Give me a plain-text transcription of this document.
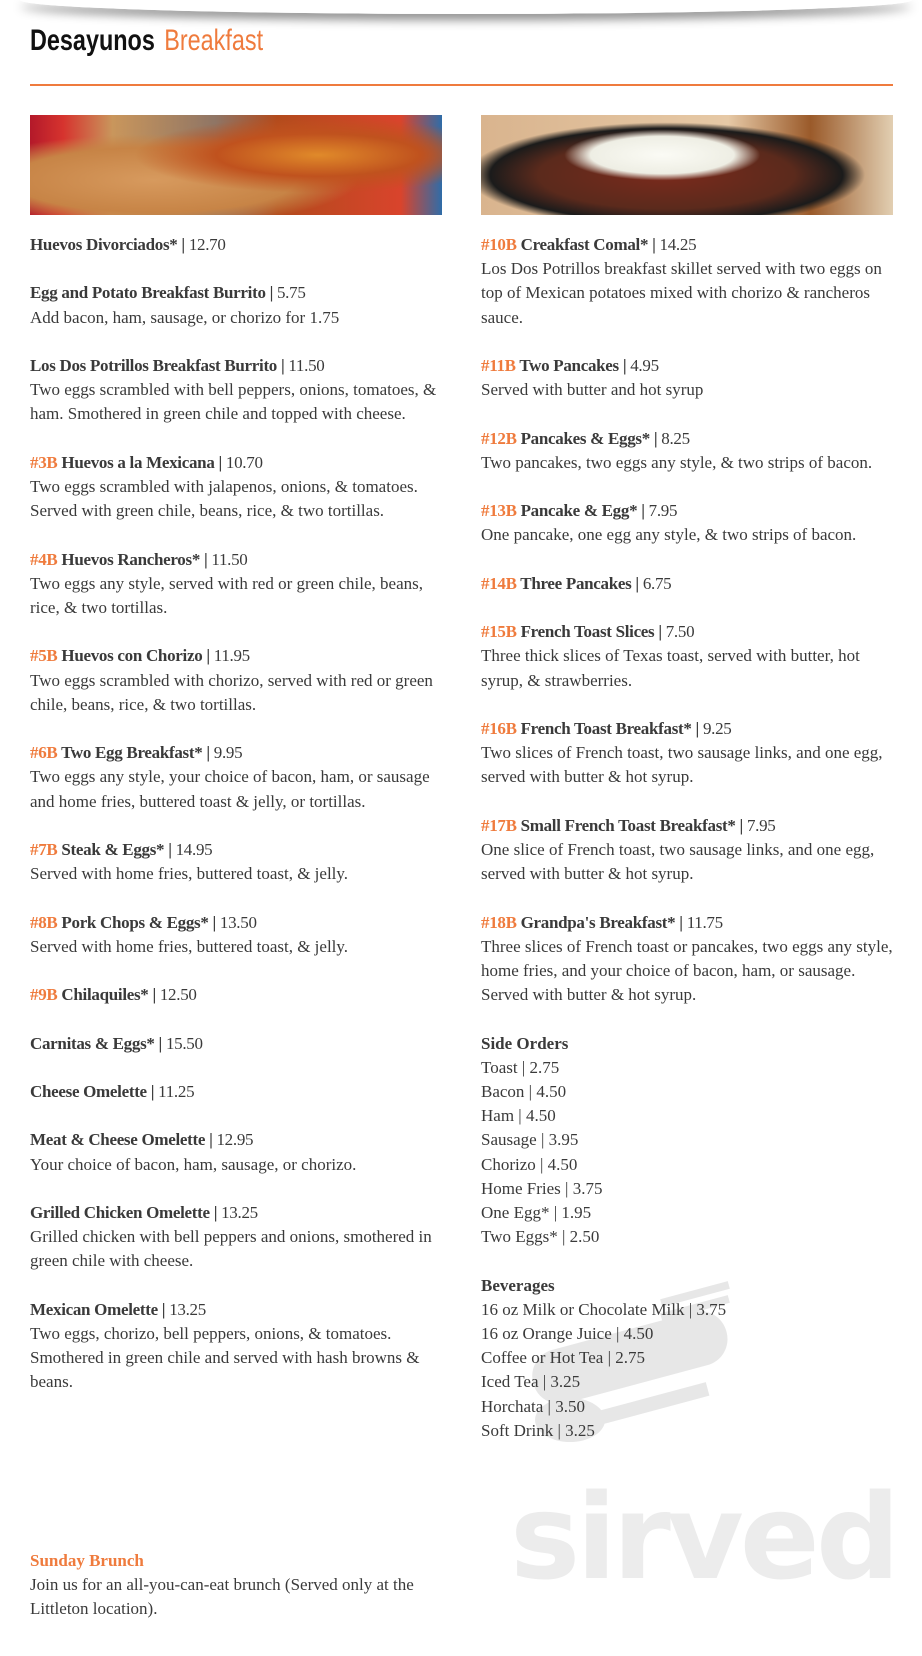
Desayunos Breakfast
sirved
Huevos Divorciados* | 12.70
Egg and Potato Breakfast Burrito | 5.75
Add bacon, ham, sausage, or chorizo for 1.75
Los Dos Potrillos Breakfast Burrito | 11.50
Two eggs scrambled with bell peppers, onions, tomatoes, & ham. Smothered in green chile and topped with cheese.
#3B Huevos a la Mexicana | 10.70
Two eggs scrambled with jalapenos, onions, & tomatoes. Served with green chile, beans, rice, & two tortillas.
#4B Huevos Rancheros* | 11.50
Two eggs any style, served with red or green chile, beans, rice, & two tortillas.
#5B Huevos con Chorizo | 11.95
Two eggs scrambled with chorizo, served with red or green chile, beans, rice, & two tortillas.
#6B Two Egg Breakfast* | 9.95
Two eggs any style, your choice of bacon, ham, or sausage and home fries, buttered toast & jelly, or tortillas.
#7B Steak & Eggs* | 14.95
Served with home fries, buttered toast, & jelly.
#8B Pork Chops & Eggs* | 13.50
Served with home fries, buttered toast, & jelly.
#9B Chilaquiles* | 12.50
Carnitas & Eggs* | 15.50
Cheese Omelette | 11.25
Meat & Cheese Omelette | 12.95
Your choice of bacon, ham, sausage, or chorizo.
Grilled Chicken Omelette | 13.25
Grilled chicken with bell peppers and onions, smothered in green chile with cheese.
Mexican Omelette | 13.25
Two eggs, chorizo, bell peppers, onions, & tomatoes. Smothered in green chile and served with hash browns & beans.
#10B Creakfast Comal* | 14.25
Los Dos Potrillos breakfast skillet served with two eggs on top of Mexican potatoes mixed with chorizo & rancheros sauce.
#11B Two Pancakes | 4.95
Served with butter and hot syrup
#12B Pancakes & Eggs* | 8.25
Two pancakes, two eggs any style, & two strips of bacon.
#13B Pancake & Egg* | 7.95
One pancake, one egg any style, & two strips of bacon.
#14B Three Pancakes | 6.75
#15B French Toast Slices | 7.50
Three thick slices of Texas toast, served with butter, hot syrup, & strawberries.
#16B French Toast Breakfast* | 9.25
Two slices of French toast, two sausage links, and one egg, served with butter & hot syrup.
#17B Small French Toast Breakfast* | 7.95
One slice of French toast, two sausage links, and one egg, served with butter & hot syrup.
#18B Grandpa's Breakfast* | 11.75
Three slices of French toast or pancakes, two eggs any style, home fries, and your choice of bacon, ham, or sausage. Served with butter & hot syrup.
Side Orders
Toast | 2.75
Bacon | 4.50
Ham | 4.50
Sausage | 3.95
Chorizo | 4.50
Home Fries | 3.75
One Egg* | 1.95
Two Eggs* | 2.50
Beverages
16 oz Milk or Chocolate Milk | 3.75
16 oz Orange Juice | 4.50
Coffee or Hot Tea | 2.75
Iced Tea | 3.25
Horchata | 3.50
Soft Drink | 3.25
Sunday Brunch
Join us for an all-you-can-eat brunch (Served only at the Littleton location).
